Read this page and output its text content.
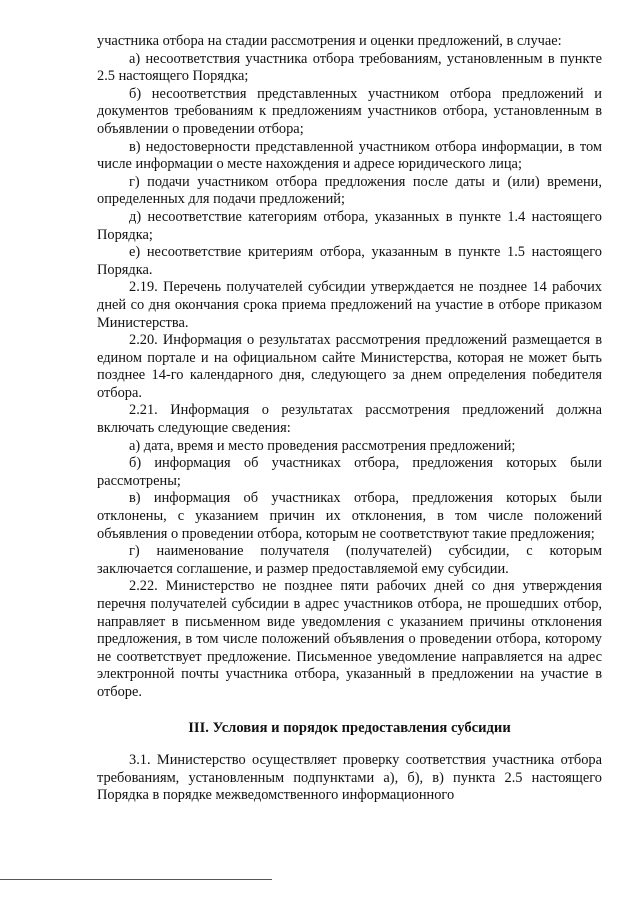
участника отбора на стадии рассмотрения и оценки предложений, в случае:

а) несоответствия участника отбора требованиям, установленным в пункте 2.5 настоящего Порядка;

б) несоответствия представленных участником отбора предложений и документов требованиям к предложениям участников отбора, установленным в объявлении о проведении отбора;

в) недостоверности представленной участником отбора информации, в том числе информации о месте нахождения и адресе юридического лица;

г) подачи участником отбора предложения после даты и (или) времени, определенных для подачи предложений;

д) несоответствие категориям отбора, указанных в пункте 1.4 настоящего Порядка;

е) несоответствие критериям отбора, указанным в пункте 1.5 настоящего Порядка.

2.19. Перечень получателей субсидии утверждается не позднее 14 рабочих дней со дня окончания срока приема предложений на участие в отборе приказом Министерства.

2.20. Информация о результатах рассмотрения предложений размещается в едином портале и на официальном сайте Министерства, которая не может быть позднее 14-го календарного дня, следующего за днем определения победителя отбора.

2.21. Информация о результатах рассмотрения предложений должна включать следующие сведения:

а) дата, время и место проведения рассмотрения предложений;

б) информация об участниках отбора, предложения которых были рассмотрены;

в) информация об участниках отбора, предложения которых были отклонены, с указанием причин их отклонения, в том числе положений объявления о проведении отбора, которым не соответствуют такие предложения;

г) наименование получателя (получателей) субсидии, с которым заключается соглашение, и размер предоставляемой ему субсидии.

2.22. Министерство не позднее пяти рабочих дней со дня утверждения перечня получателей субсидии в адрес участников отбора, не прошедших отбор, направляет в письменном виде уведомления с указанием причины отклонения предложения, в том числе положений объявления о проведении отбора, которому не соответствует предложение. Письменное уведомление направляется на адрес электронной почты участника отбора, указанный в предложении на участие в отборе.

III. Условия и порядок предоставления субсидии

3.1. Министерство осуществляет проверку соответствия участника отбора требованиям, установленным подпунктами а), б), в) пункта 2.5 настоящего Порядка в порядке межведомственного информационного
